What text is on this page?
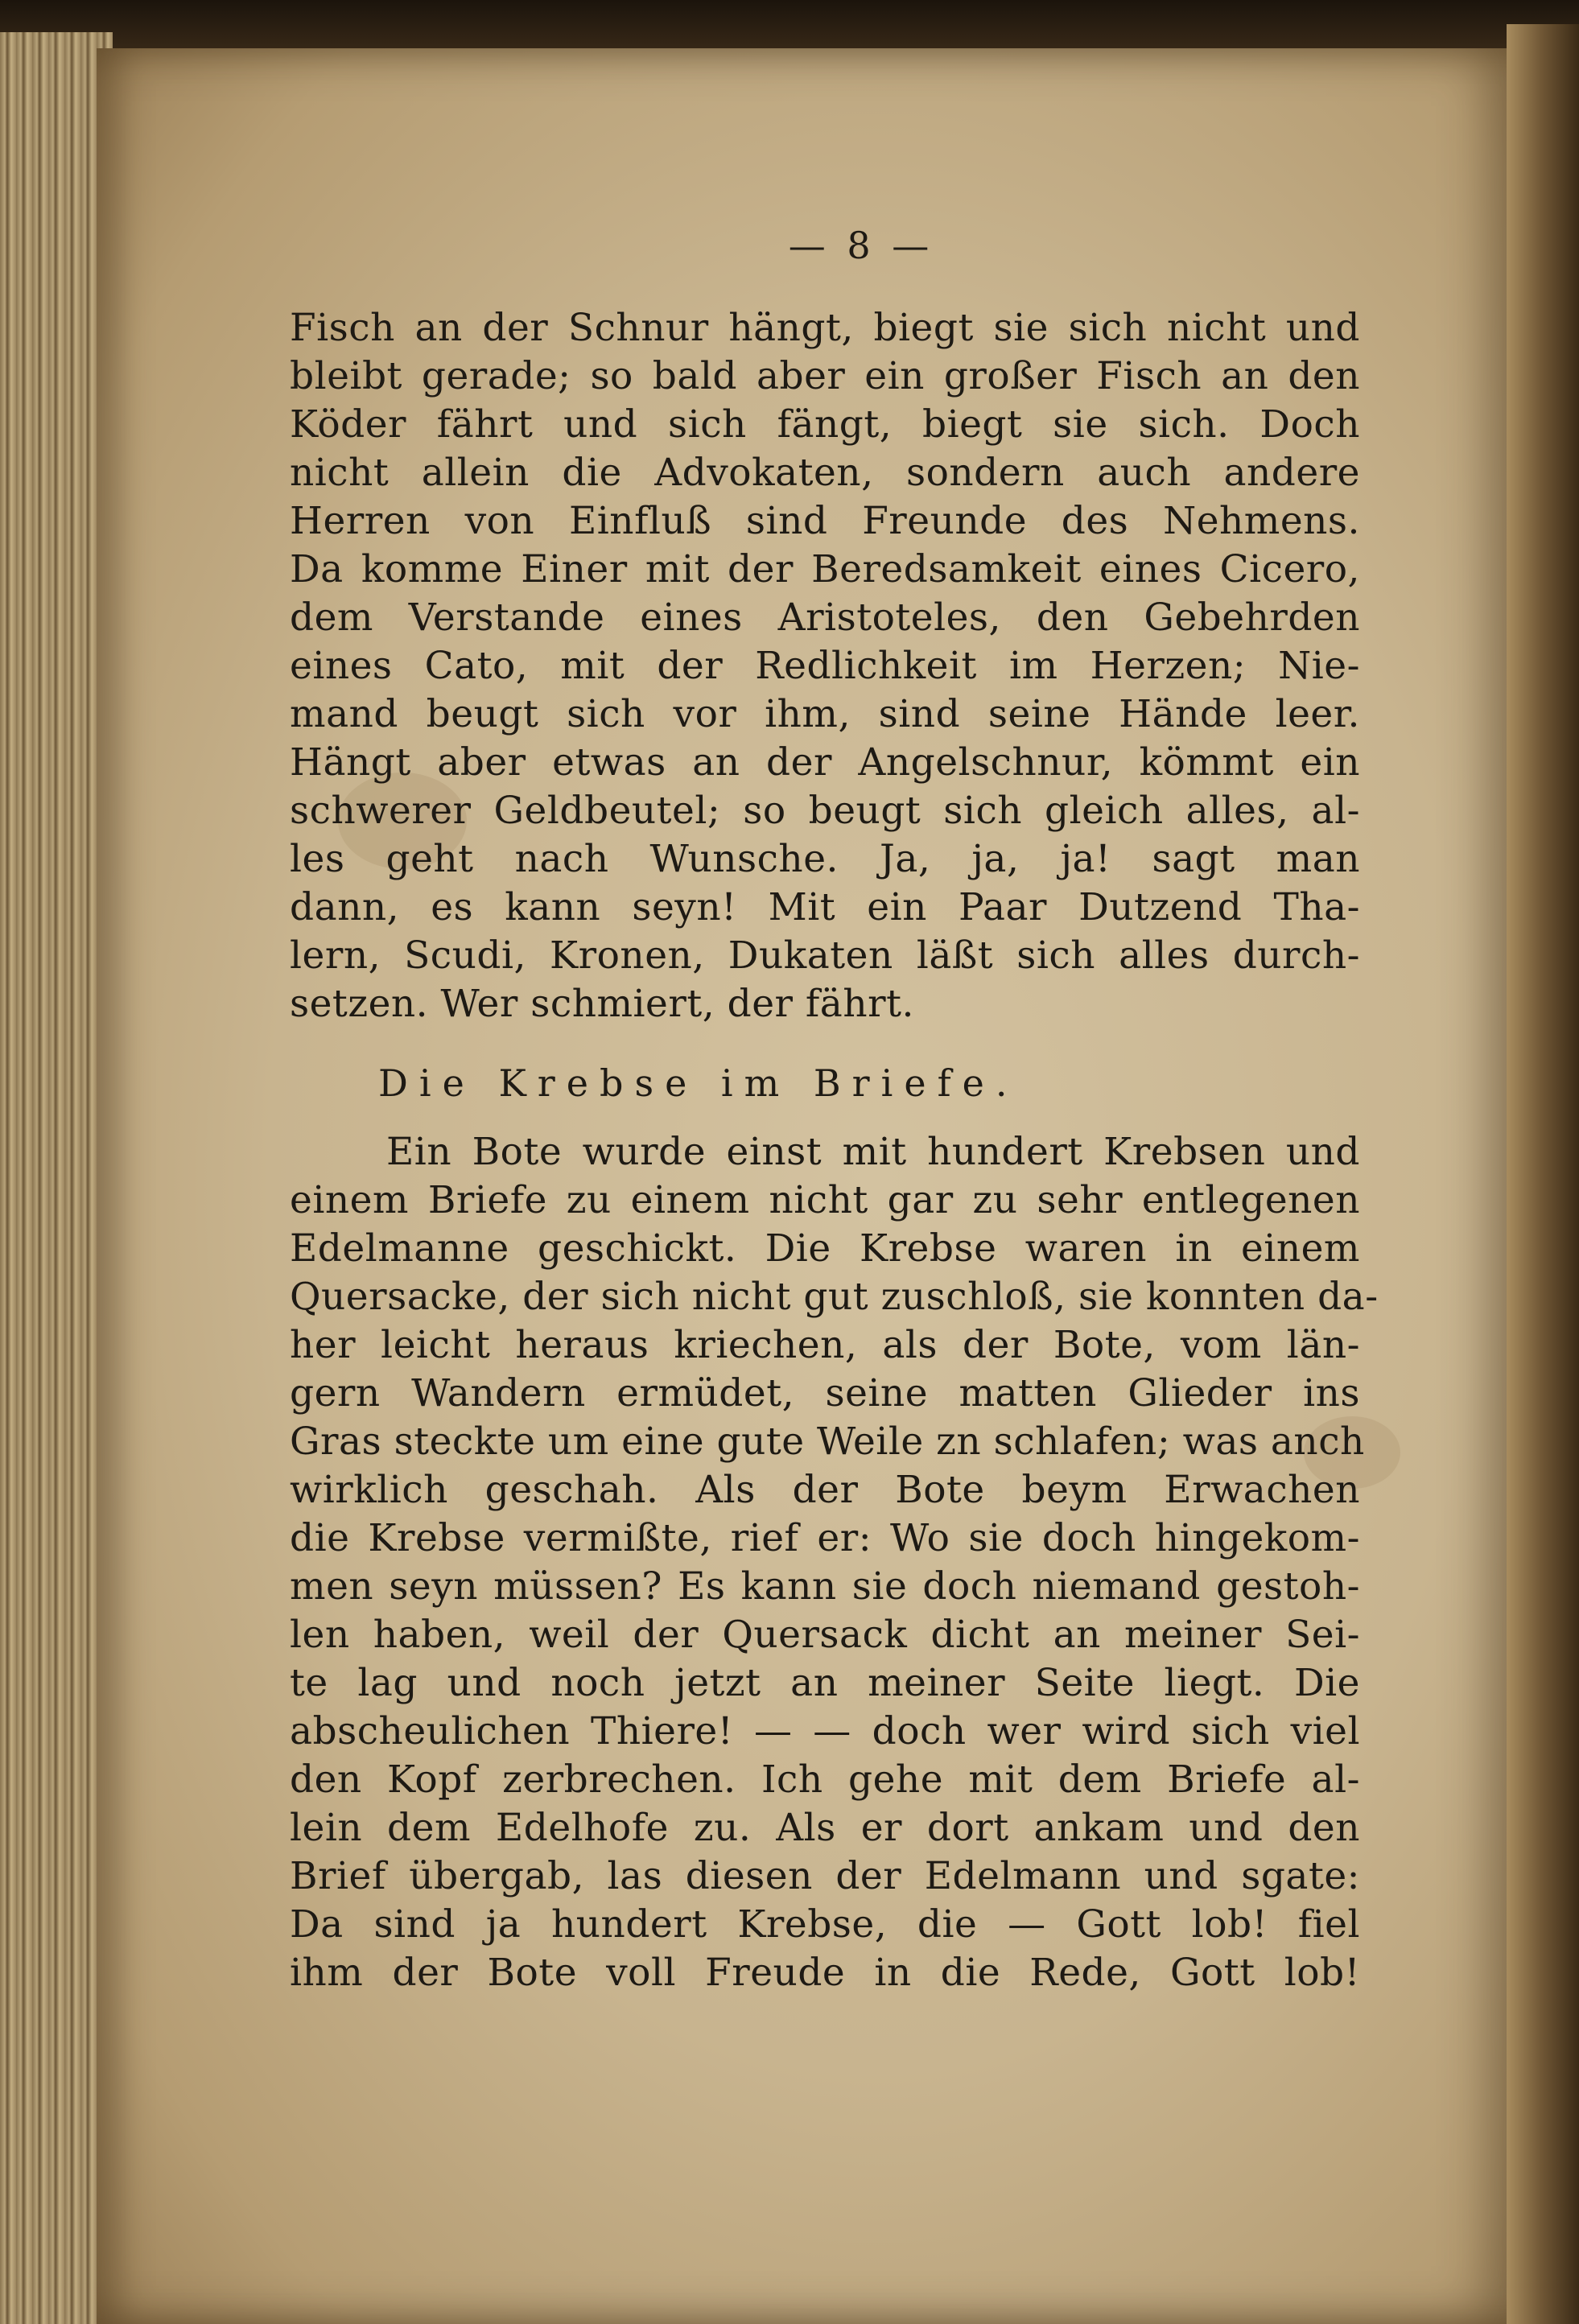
— 8 —
Fisch an der Schnur hängt, biegt sie sich nicht und
bleibt gerade; so bald aber ein großer Fisch an den
Köder fährt und sich fängt, biegt sie sich. Doch
nicht allein die Advokaten, sondern auch andere
Herren von Einfluß sind Freunde des Nehmens.
Da komme Einer mit der Beredsamkeit eines Cicero,
dem Verstande eines Aristoteles, den Gebehrden
eines Cato, mit der Redlichkeit im Herzen; Nie-
mand beugt sich vor ihm, sind seine Hände leer.
Hängt aber etwas an der Angelschnur, kömmt ein
schwerer Geldbeutel; so beugt sich gleich alles, al-
les geht nach Wunsche. Ja, ja, ja! sagt man
dann, es kann seyn! Mit ein Paar Dutzend Tha-
lern, Scudi, Kronen, Dukaten läßt sich alles durch-
setzen. Wer schmiert, der fährt.
Die Krebse im Briefe.
Ein Bote wurde einst mit hundert Krebsen und
einem Briefe zu einem nicht gar zu sehr entlegenen
Edelmanne geschickt. Die Krebse waren in einem
Quersacke, der sich nicht gut zuschloß, sie konnten da-
her leicht heraus kriechen, als der Bote, vom län-
gern Wandern ermüdet, seine matten Glieder ins
Gras steckte um eine gute Weile zn schlafen; was anch
wirklich geschah. Als der Bote beym Erwachen
die Krebse vermißte, rief er: Wo sie doch hingekom-
men seyn müssen? Es kann sie doch niemand gestoh-
len haben, weil der Quersack dicht an meiner Sei-
te lag und noch jetzt an meiner Seite liegt. Die
abscheulichen Thiere! — — doch wer wird sich viel
den Kopf zerbrechen. Ich gehe mit dem Briefe al-
lein dem Edelhofe zu. Als er dort ankam und den
Brief übergab, las diesen der Edelmann und sgate:
Da sind ja hundert Krebse, die — Gott lob! fiel
ihm der Bote voll Freude in die Rede, Gott lob!
